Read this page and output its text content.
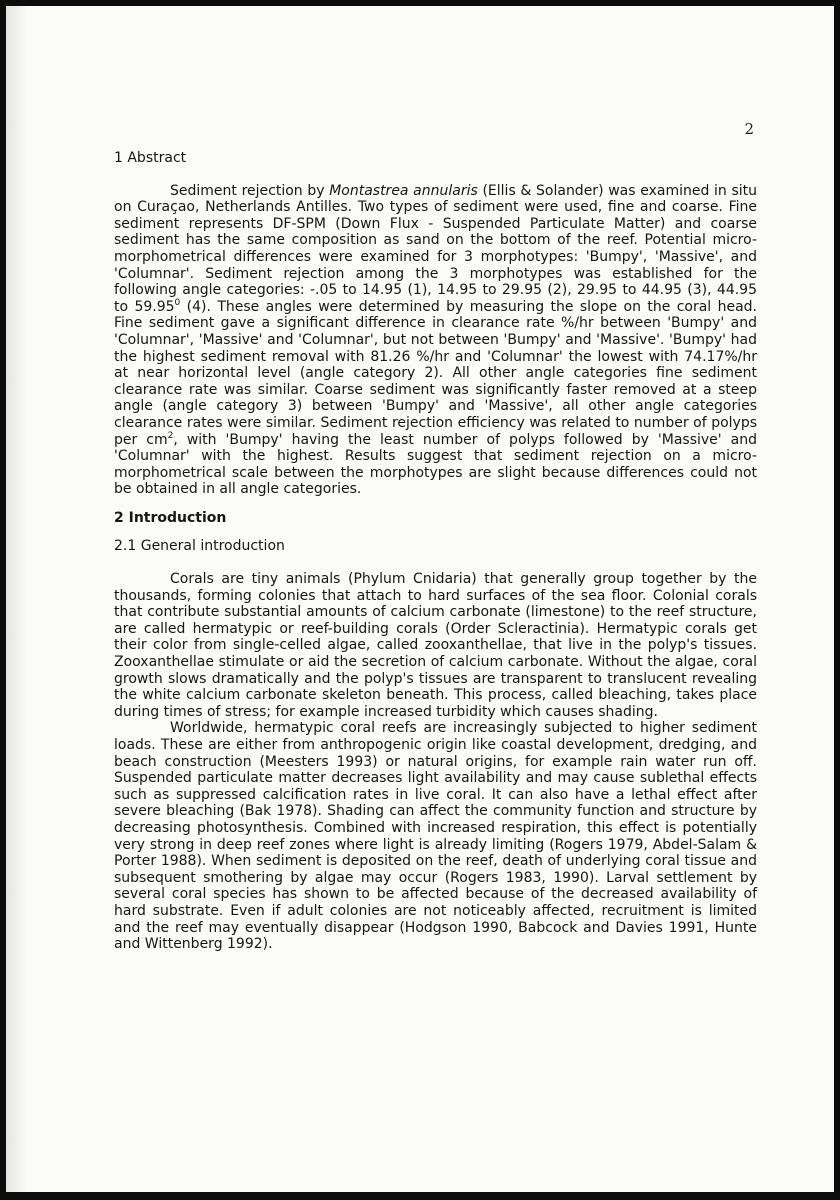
2
1 Abstract

Sediment rejection by Montastrea annularis (Ellis & Solander) was examined in situ on Curaçao, Netherlands Antilles. Two types of sediment were used, fine and coarse. Fine sediment represents DF-SPM (Down Flux - Suspended Particulate Matter) and coarse sediment has the same composition as sand on the bottom of the reef. Potential micro-morphometrical differences were examined for 3 morphotypes: 'Bumpy', 'Massive', and 'Columnar'. Sediment rejection among the 3 morphotypes was established for the following angle categories: -.05 to 14.95 (1), 14.95 to 29.95 (2), 29.95 to 44.95 (3), 44.95 to 59.95$^0$ (4). These angles were determined by measuring the slope on the coral head. Fine sediment gave a significant difference in clearance rate %/hr between 'Bumpy' and 'Columnar', 'Massive' and 'Columnar', but not between 'Bumpy' and 'Massive'. 'Bumpy' had the highest sediment removal with 81.26 %/hr and 'Columnar' the lowest with 74.17%/hr at near horizontal level (angle category 2). All other angle categories fine sediment clearance rate was similar. Coarse sediment was significantly faster removed at a steep angle (angle category 3) between 'Bumpy' and 'Massive', all other angle categories clearance rates were similar. Sediment rejection efficiency was related to number of polyps per $cm^2$, with 'Bumpy' having the least number of polyps followed by 'Massive' and 'Columnar' with the highest. Results suggest that sediment rejection on a micro-morphometrical scale between the morphotypes are slight because differences could not be obtained in all angle categories.

2 Introduction
2.1 General introduction

Corals are tiny animals (Phylum Cnidaria) that generally group together by the thousands, forming colonies that attach to hard surfaces of the sea floor. Colonial corals that contribute substantial amounts of calcium carbonate (limestone) to the reef structure, are called hermatypic or reef-building corals (Order Scleractinia). Hermatypic corals get their color from single-celled algae, called zooxanthellae, that live in the polyp's tissues. Zooxanthellae stimulate or aid the secretion of calcium carbonate. Without the algae, coral growth slows dramatically and the polyp's tissues are transparent to translucent revealing the white calcium carbonate skeleton beneath. This process, called bleaching, takes place during times of stress; for example increased turbidity which causes shading.

Worldwide, hermatypic coral reefs are increasingly subjected to higher sediment loads. These are either from anthropogenic origin like coastal development, dredging, and beach construction (Meesters 1993) or natural origins, for example rain water run off. Suspended particulate matter decreases light availability and may cause sublethal effects such as suppressed calcification rates in live coral. It can also have a lethal effect after severe bleaching (Bak 1978). Shading can affect the community function and structure by decreasing photosynthesis. Combined with increased respiration, this effect is potentially very strong in deep reef zones where light is already limiting (Rogers 1979, Abdel-Salam & Porter 1988). When sediment is deposited on the reef, death of underlying coral tissue and subsequent smothering by algae may occur (Rogers 1983, 1990). Larval settlement by several coral species has shown to be affected because of the decreased availability of hard substrate. Even if adult colonies are not noticeably affected, recruitment is limited and the reef may eventually disappear (Hodgson 1990, Babcock and Davies 1991, Hunte and Wittenberg 1992).
